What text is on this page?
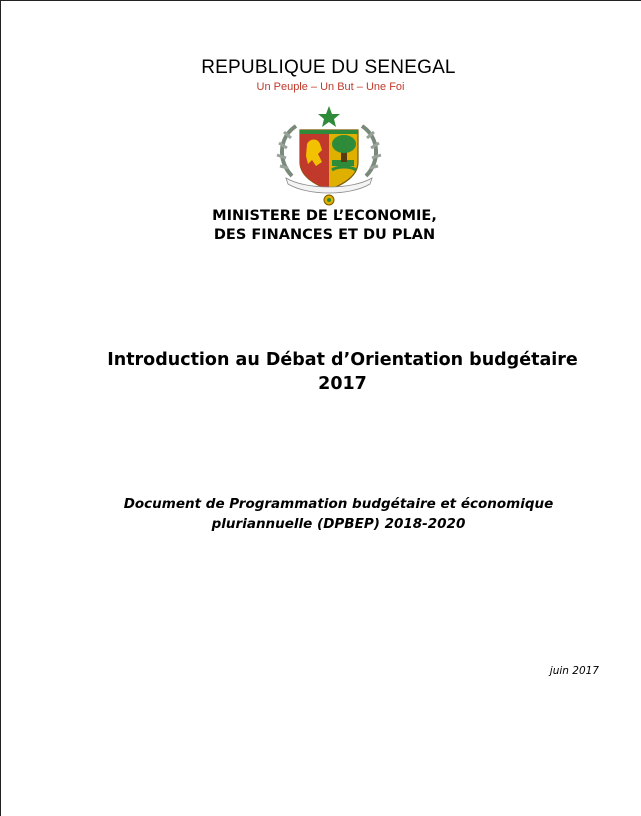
REPUBLIQUE DU SENEGAL
Un Peuple – Un But – Une Foi
MINISTERE DE L’ECONOMIE,
DES FINANCES ET DU PLAN
Introduction au Débat d’Orientation budgétaire
2017
Document de Programmation budgétaire et économique
pluriannuelle (DPBEP) 2018-2020
juin 2017
